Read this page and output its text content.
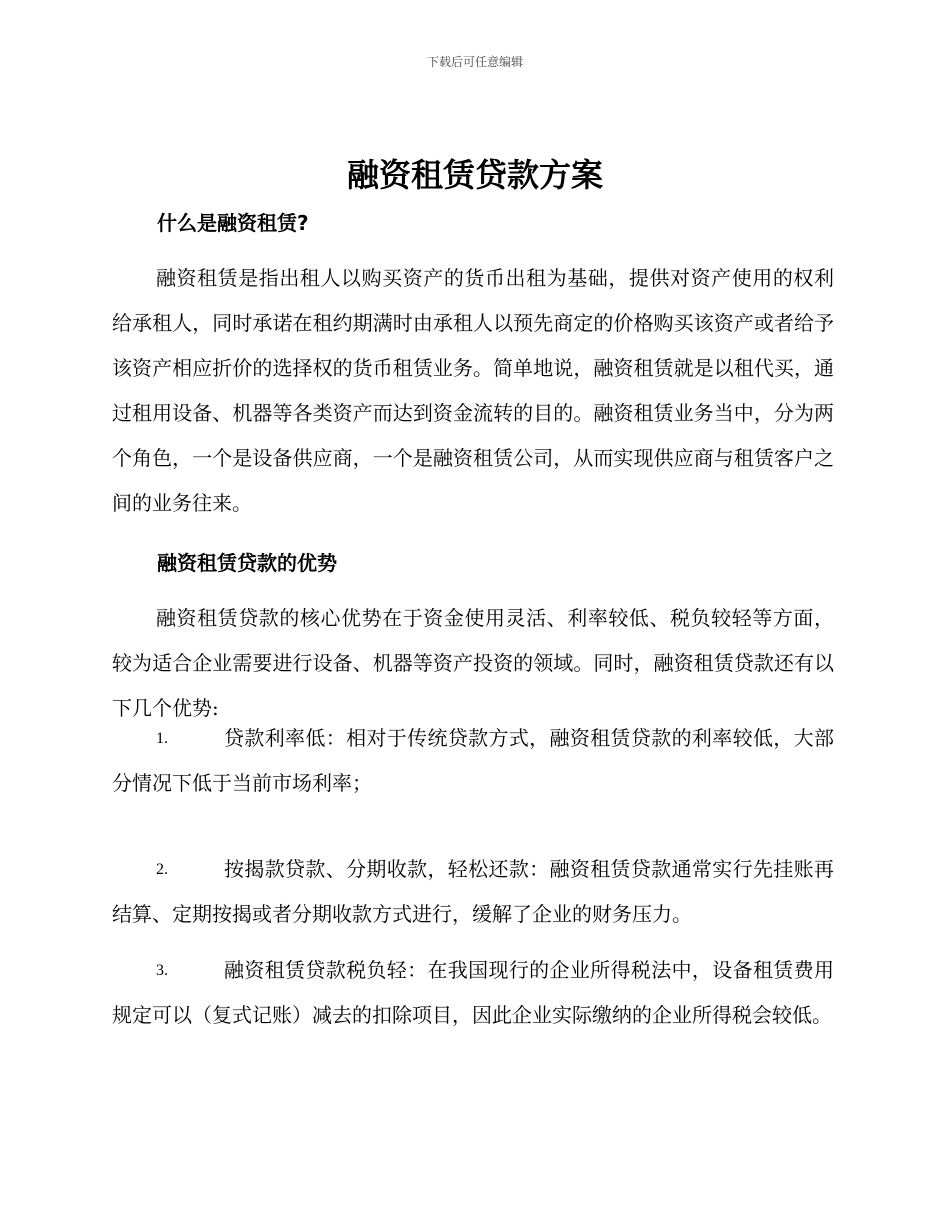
下载后可任意编辑
融资租赁贷款方案
什么是融资租赁?

融资租赁是指出租人以购买资产的货币出租为基础，提供对资产使用的权利给承租人，同时承诺在租约期满时由承租人以预先商定的价格购买该资产或者给予该资产相应折价的选择权的货币租赁业务。简单地说，融资租赁就是以租代买，通过租用设备、机器等各类资产而达到资金流转的目的。融资租赁业务当中，分为两个角色，一个是设备供应商，一个是融资租赁公司，从而实现供应商与租赁客户之间的业务往来。

融资租赁贷款的优势

融资租赁贷款的核心优势在于资金使用灵活、利率较低、税负较轻等方面，较为适合企业需要进行设备、机器等资产投资的领域。同时，融资租赁贷款还有以下几个优势:

1.	贷款利率低：相对于传统贷款方式，融资租赁贷款的利率较低，大部分情况下低于当前市场利率；

2.	按揭款贷款、分期收款，轻松还款：融资租赁贷款通常实行先挂账再结算、定期按揭或者分期收款方式进行，缓解了企业的财务压力。

3.	融资租赁贷款税负轻：在我国现行的企业所得税法中，设备租赁费用规定可以（复式记账）减去的扣除项目，因此企业实际缴纳的企业所得税会较低。
